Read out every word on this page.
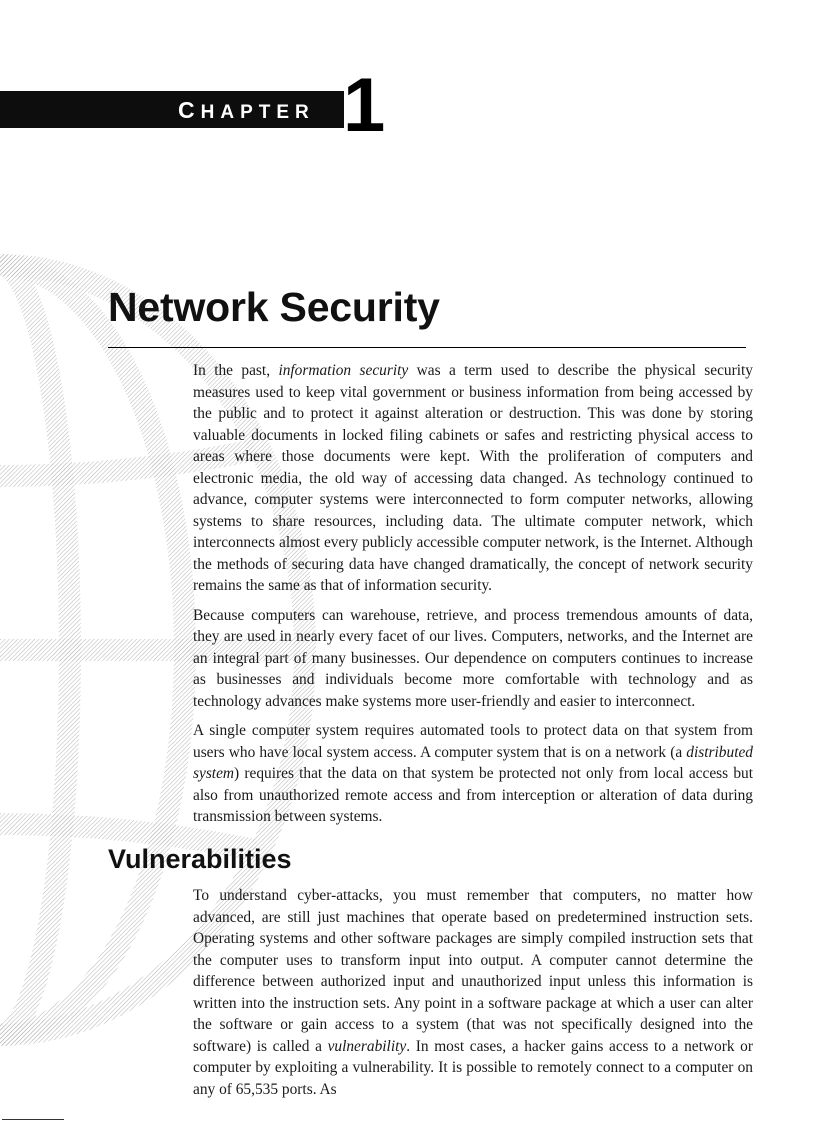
CHAPTER 1
Network Security

In the past, information security was a term used to describe the physical security measures used to keep vital government or business information from being accessed by the public and to protect it against alteration or destruction. This was done by storing valuable documents in locked filing cabinets or safes and restricting physical access to areas where those documents were kept. With the proliferation of computers and electronic media, the old way of accessing data changed. As technology continued to advance, computer systems were interconnected to form computer networks, allowing systems to share resources, including data. The ultimate computer network, which interconnects almost every publicly accessible computer network, is the Internet. Although the methods of securing data have changed dramatically, the concept of network security remains the same as that of information security.

Because computers can warehouse, retrieve, and process tremendous amounts of data, they are used in nearly every facet of our lives. Computers, networks, and the Internet are an integral part of many businesses. Our dependence on computers continues to increase as businesses and individuals become more comfortable with technology and as technology advances make systems more user-friendly and easier to interconnect.

A single computer system requires automated tools to protect data on that system from users who have local system access. A computer system that is on a network (a distributed system) requires that the data on that system be protected not only from local access but also from unauthorized remote access and from interception or alteration of data during transmission between systems.

Vulnerabilities

To understand cyber-attacks, you must remember that computers, no matter how advanced, are still just machines that operate based on predetermined instruction sets. Operating systems and other software packages are simply compiled instruction sets that the computer uses to transform input into output. A computer cannot determine the difference between authorized input and unauthorized input unless this information is written into the instruction sets. Any point in a software package at which a user can alter the software or gain access to a system (that was not specifically designed into the software) is called a vulnerability. In most cases, a hacker gains access to a network or computer by exploiting a vulnerability. It is possible to remotely connect to a computer on any of 65,535 ports. As
